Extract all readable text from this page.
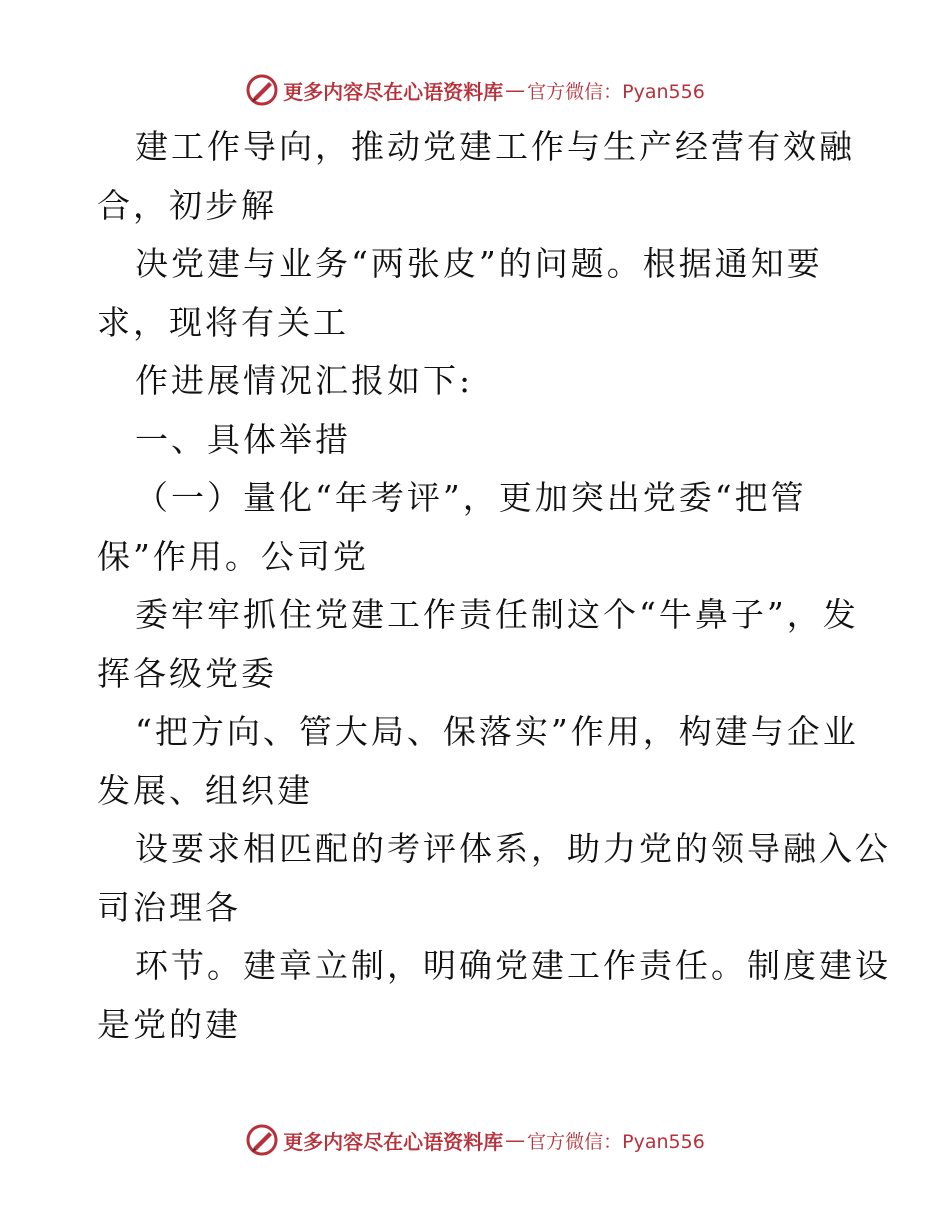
更多内容尽在心语资料库 — 官方微信：Pyan556
建工作导向，推动党建工作与生产经营有效融
合，初步解
决党建与业务“两张皮”的问题。根据通知要
求，现将有关工
作进展情况汇报如下:
一、具体举措
（一）量化“年考评”，更加突出党委“把管
保”作用。公司党
委牢牢抓住党建工作责任制这个“牛鼻子”，发
挥各级党委
“把方向、管大局、保落实”作用，构建与企业
发展、组织建
设要求相匹配的考评体系，助力党的领导融入公
司治理各
环节。建章立制，明确党建工作责任。制度建设
是党的建
更多内容尽在心语资料库 — 官方微信：Pyan556
